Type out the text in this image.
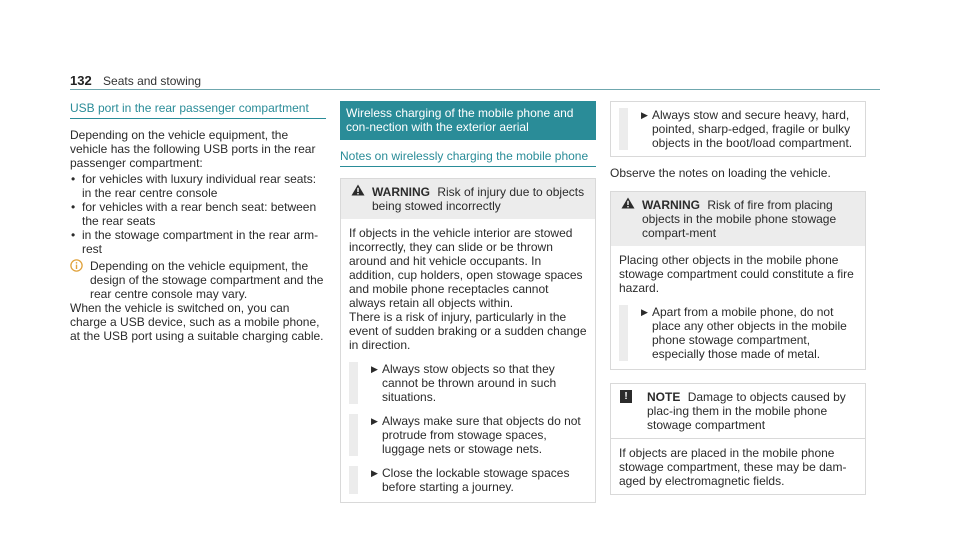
132 Seats and stowing
USB port in the rear passenger compartment

Depending on the vehicle equipment, the vehicle has the following USB ports in the rear passenger compartment:

• for vehicles with luxury individual rear seats: in the rear centre console
• for vehicles with a rear bench seat: between the rear seats
• in the stowage compartment in the rear arm-rest
Depending on the vehicle equipment, the design of the stowage compartment and the rear centre console may vary.

When the vehicle is switched on, you can charge a USB device, such as a mobile phone, at the USB port using a suitable charging cable.

Wireless charging of the mobile phone and con-nection with the exterior aerial
Notes on wirelessly charging the mobile phone
WARNING Risk of injury due to objects being stowed incorrectly

If objects in the vehicle interior are stowed incorrectly, they can slide or be thrown around and hit vehicle occupants. In addition, cup holders, open stowage spaces and mobile phone receptacles cannot always retain all objects within.

There is a risk of injury, particularly in the event of sudden braking or a sudden change in direction.

▶ Always stow objects so that they cannot be thrown around in such situations.
▶ Always make sure that objects do not protrude from stowage spaces, luggage nets or stowage nets.
▶ Close the lockable stowage spaces before starting a journey.
▶ Always stow and secure heavy, hard, pointed, sharp-edged, fragile or bulky objects in the boot/load compartment.

Observe the notes on loading the vehicle.

WARNING Risk of fire from placing objects in the mobile phone stowage compart-ment

Placing other objects in the mobile phone stowage compartment could constitute a fire hazard.

▶ Apart from a mobile phone, do not place any other objects in the mobile phone stowage compartment, especially those made of metal.
!	NOTE Damage to objects caused by plac-ing them in the mobile phone stowage compartment
If objects are placed in the mobile phone stowage compartment, these may be dam-aged by electromagnetic fields.
